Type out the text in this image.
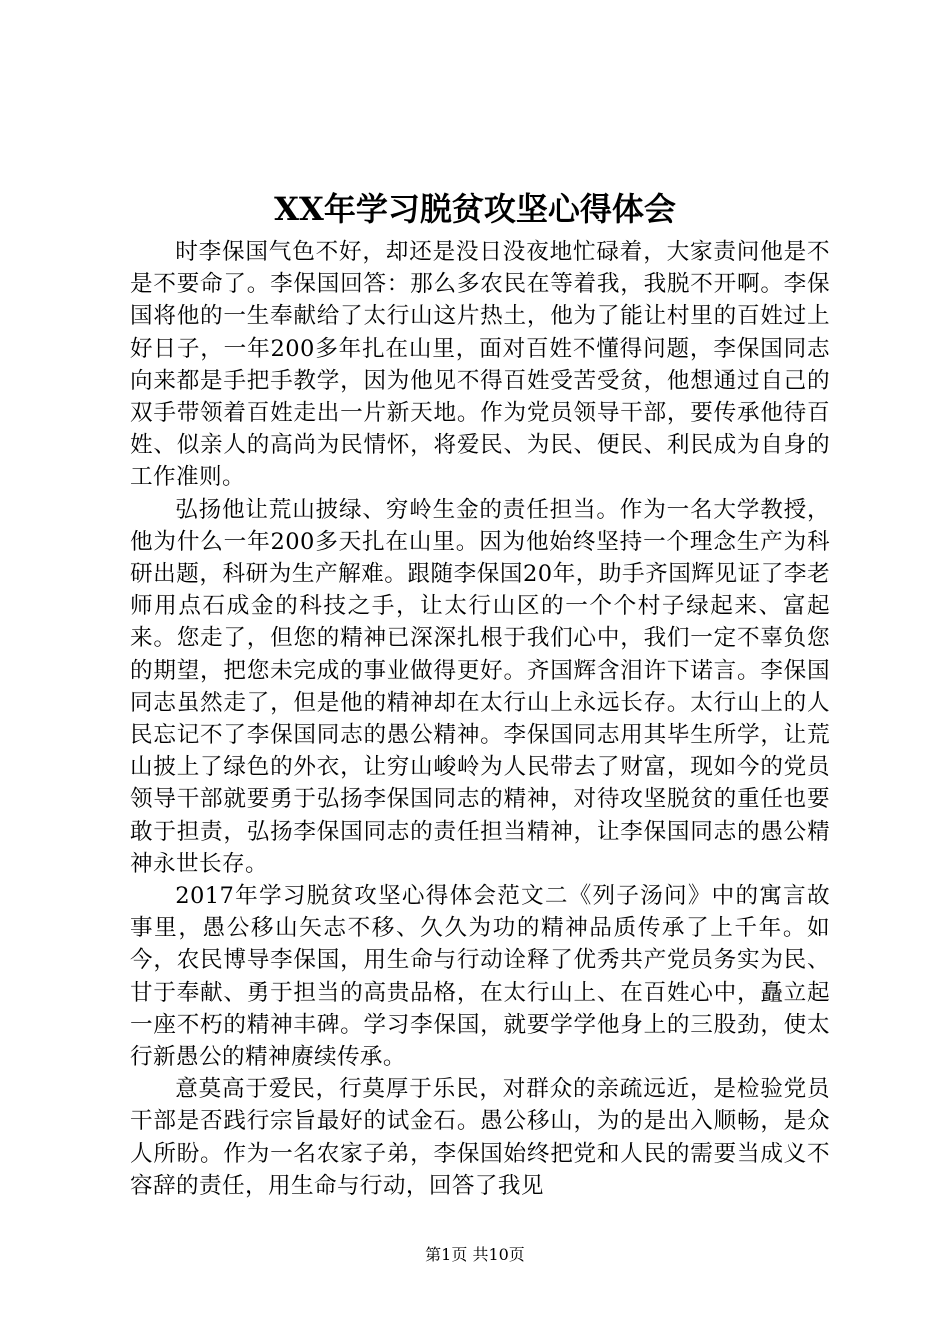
XX年学习脱贫攻坚心得体会

时李保国气色不好，却还是没日没夜地忙碌着，大家责问他是不是不要命了。李保国回答：那么多农民在等着我，我脱不开啊。李保国将他的一生奉献给了太行山这片热土，他为了能让村里的百姓过上好日子，一年200多年扎在山里，面对百姓不懂得问题，李保国同志向来都是手把手教学，因为他见不得百姓受苦受贫，他想通过自己的双手带领着百姓走出一片新天地。作为党员领导干部，要传承他待百姓、似亲人的高尚为民情怀，将爱民、为民、便民、利民成为自身的工作准则。

弘扬他让荒山披绿、穷岭生金的责任担当。作为一名大学教授，他为什么一年200多天扎在山里。因为他始终坚持一个理念生产为科研出题，科研为生产解难。跟随李保国20年，助手齐国辉见证了李老师用点石成金的科技之手，让太行山区的一个个村子绿起来、富起来。您走了，但您的精神已深深扎根于我们心中，我们一定不辜负您的期望，把您未完成的事业做得更好。齐国辉含泪许下诺言。李保国同志虽然走了，但是他的精神却在太行山上永远长存。太行山上的人民忘记不了李保国同志的愚公精神。李保国同志用其毕生所学，让荒山披上了绿色的外衣，让穷山峻岭为人民带去了财富，现如今的党员领导干部就要勇于弘扬李保国同志的精神，对待攻坚脱贫的重任也要敢于担责，弘扬李保国同志的责任担当精神，让李保国同志的愚公精神永世长存。

2017年学习脱贫攻坚心得体会范文二《列子汤问》中的寓言故事里，愚公移山矢志不移、久久为功的精神品质传承了上千年。如今，农民博导李保国，用生命与行动诠释了优秀共产党员务实为民、甘于奉献、勇于担当的高贵品格，在太行山上、在百姓心中，矗立起一座不朽的精神丰碑。学习李保国，就要学学他身上的三股劲，使太行新愚公的精神赓续传承。

意莫高于爱民，行莫厚于乐民，对群众的亲疏远近，是检验党员干部是否践行宗旨最好的试金石。愚公移山，为的是出入顺畅，是众人所盼。作为一名农家子弟，李保国始终把党和人民的需要当成义不容辞的责任，用生命与行动，回答了我见

第1页 共10页
